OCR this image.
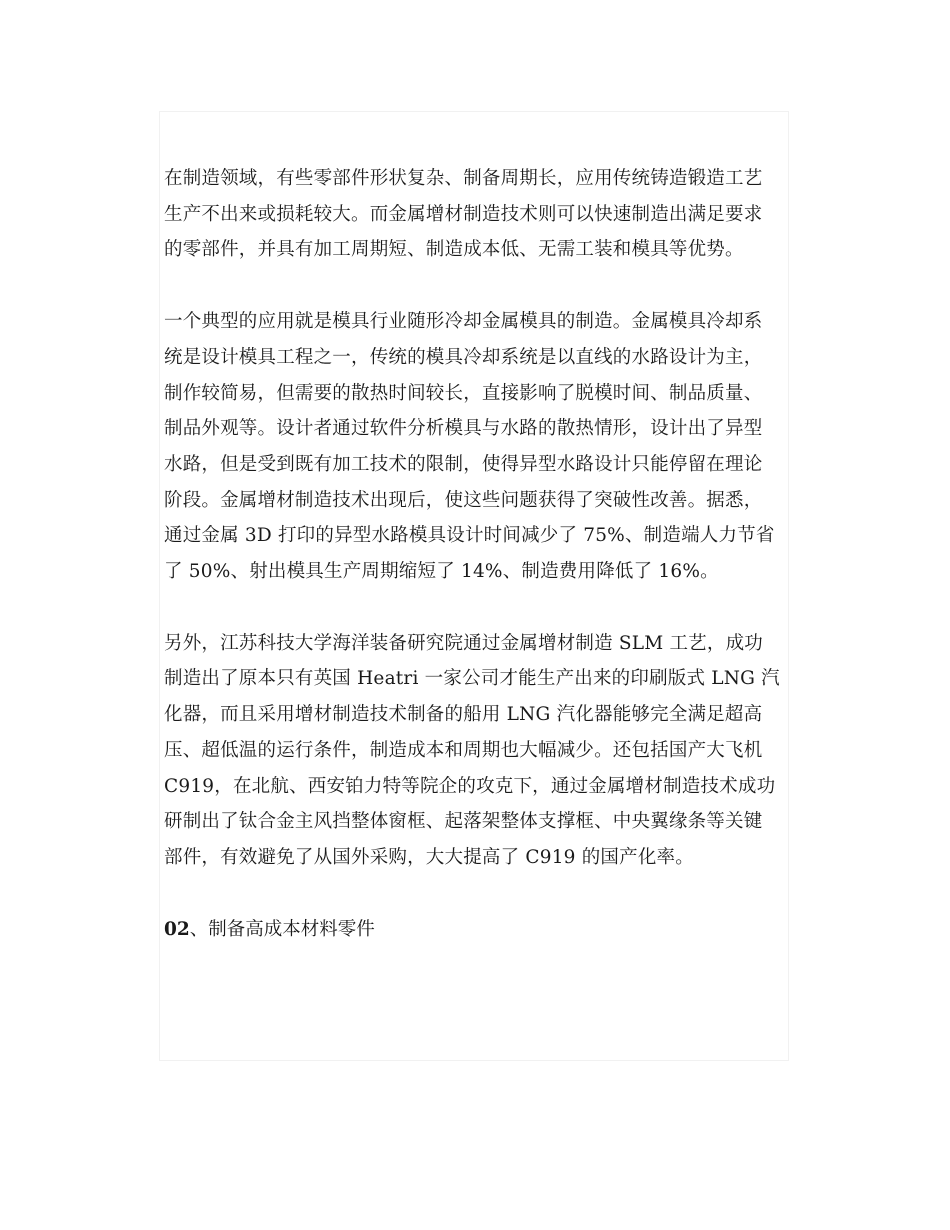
在制造领域，有些零部件形状复杂、制备周期长，应用传统铸造锻造工艺
生产不出来或损耗较大。而金属增材制造技术则可以快速制造出满足要求
的零部件，并具有加工周期短、制造成本低、无需工装和模具等优势。

一个典型的应用就是模具行业随形冷却金属模具的制造。金属模具冷却系
统是设计模具工程之一，传统的模具冷却系统是以直线的水路设计为主，
制作较简易，但需要的散热时间较长，直接影响了脱模时间、制品质量、
制品外观等。设计者通过软件分析模具与水路的散热情形，设计出了异型
水路，但是受到既有加工技术的限制，使得异型水路设计只能停留在理论
阶段。金属增材制造技术出现后，使这些问题获得了突破性改善。据悉，
通过金属 3D 打印的异型水路模具设计时间减少了 75%、制造端人力节省
了 50%、射出模具生产周期缩短了 14%、制造费用降低了 16%。

另外，江苏科技大学海洋装备研究院通过金属增材制造 SLM 工艺，成功
制造出了原本只有英国 Heatri 一家公司才能生产出来的印刷版式 LNG 汽
化器，而且采用增材制造技术制备的船用 LNG 汽化器能够完全满足超高
压、超低温的运行条件，制造成本和周期也大幅减少。还包括国产大飞机
C919，在北航、西安铂力特等院企的攻克下，通过金属增材制造技术成功
研制出了钛合金主风挡整体窗框、起落架整体支撑框、中央翼缘条等关键
部件，有效避免了从国外采购，大大提高了 C919 的国产化率。

02、制备高成本材料零件
